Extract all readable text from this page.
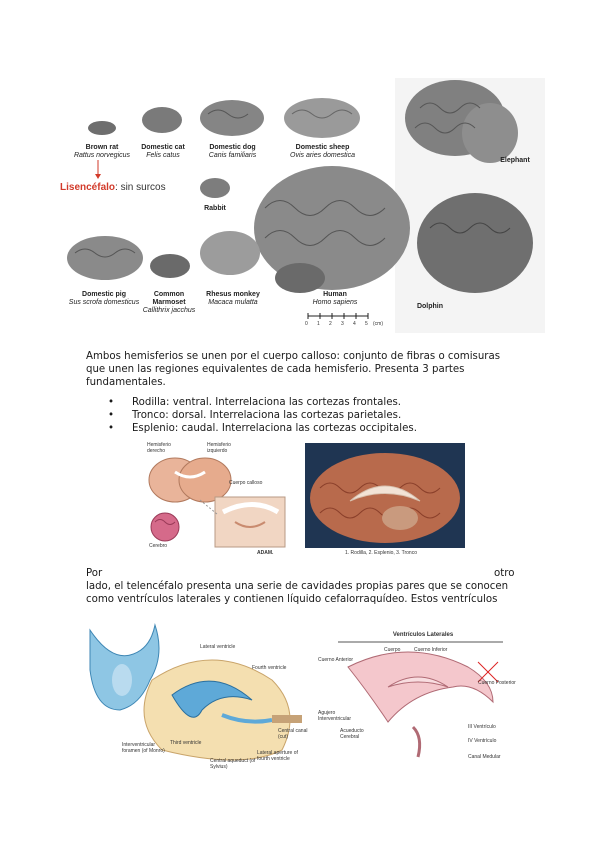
Brown rat
Rattus norvegicus
Domestic cat
Felis catus
Domestic dog
Canis familiaris
Domestic sheep
Ovis aries domestica
Rabbit
Domestic pig
Sus scrofa domesticus
Common Marmoset
Callithrix jacchus
Rhesus monkey
Macaca mulatta
Human
Homo sapiens
Elephant
Dolphin
Lisencéfalo: sin surcos
0 1 2 3 4 5 (cm)
Ambos hemisferios se unen por el cuerpo calloso: conjunto de fibras o comisuras que unen las regiones equivalentes de cada hemisferio. Presenta 3 partes fundamentales.
• Rodilla: ventral. Interrelaciona las cortezas frontales.
• Tronco: dorsal. Interrelaciona las cortezas parietales.
• Esplenio: caudal. Interrelaciona las cortezas occipitales.
Hemisferio derecho
Hemisferio izquierdo
Cuerpo calloso
Cerebro
ADAM.	1. Rodilla, 2. Esplenio, 3. Tronco
Por	otro
lado, el telencéfalo presenta una serie de cavidades propias pares que se conocen como ventrículos laterales y contienen líquido cefalorraquídeo. Estos ventrículos
Lateral ventricle
Fourth ventricle
Interventricular foramen (of Monro)
Third ventricle
Central canal (cut)
Central aqueduct (of Sylvius)
Lateral aperture of fourth ventricle
Ventrículos Laterales
Cuerpo	Cuerno Inferior
Cuerno Anterior
Cuerno Posterior
Agujero Interventricular
Acueducto Cerebral
III Ventrículo
IV Ventrículo
Canal Medular
